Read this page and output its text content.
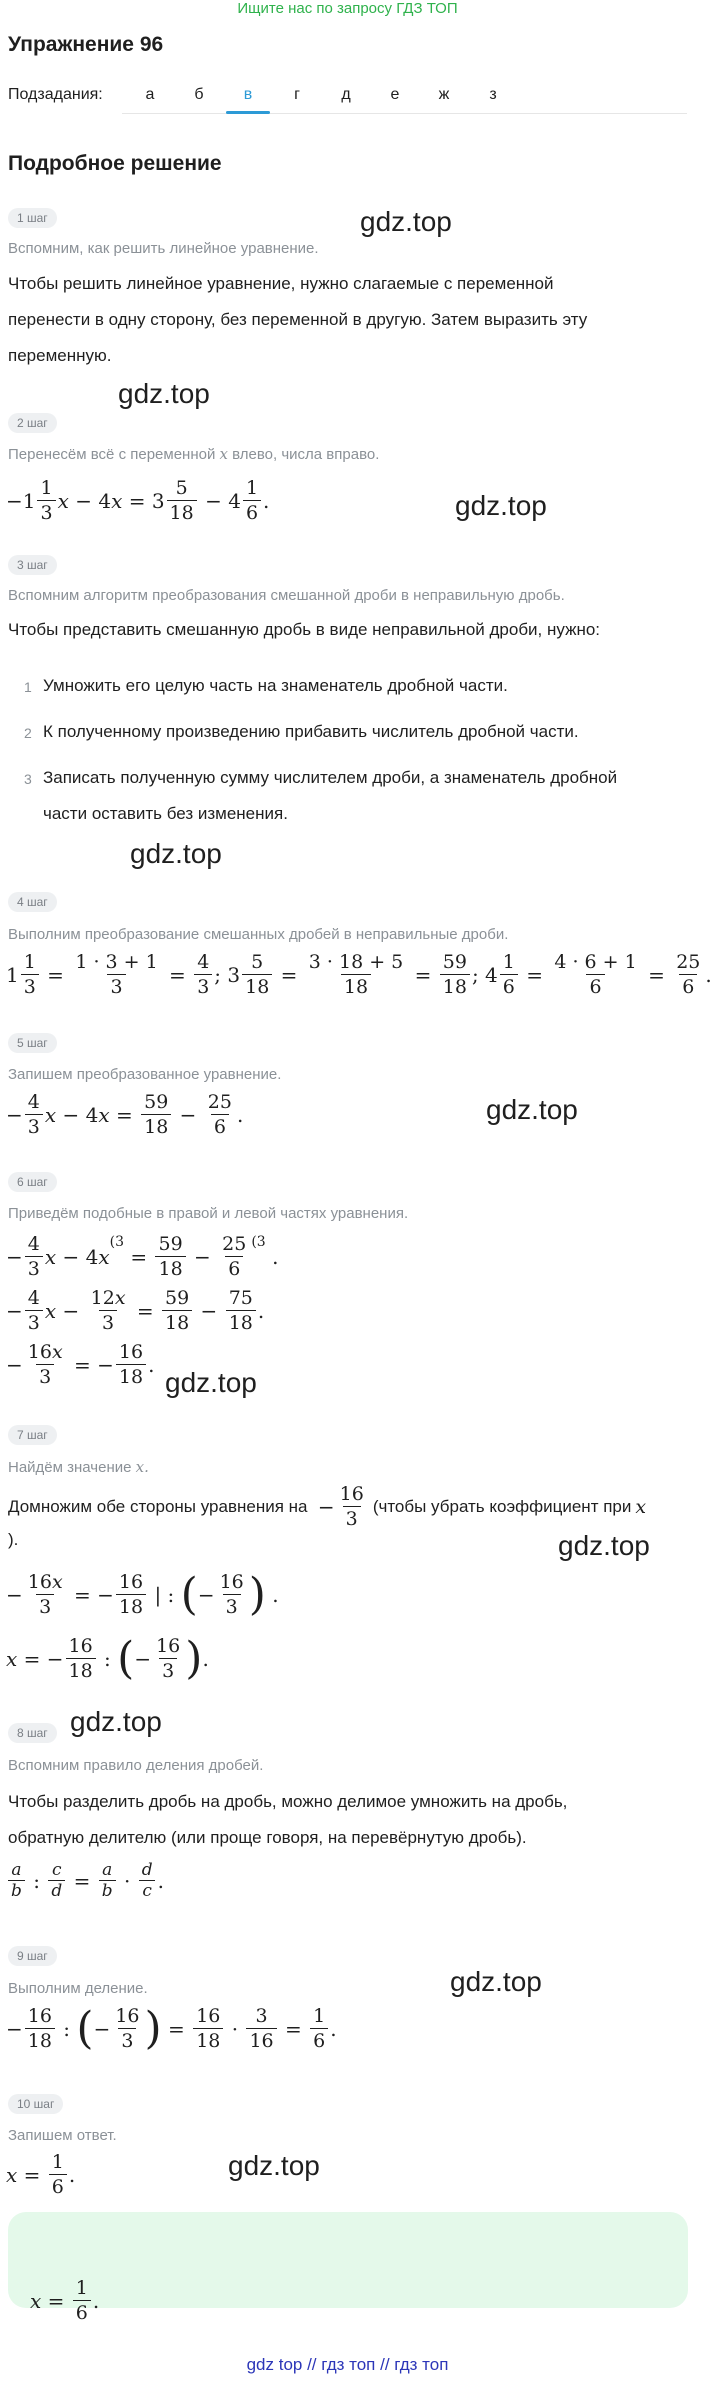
Ищите нас по запросу ГДЗ ТОП
Упражнение 96
Подзадания:	а	б	в	г	д	е	ж	з
Подробное решение
1 шаг	gdz.top
Вспомним, как решить линейное уравнение.
Чтобы решить линейное уравнение, нужно слагаемые с переменной
перенести в одну сторону, без переменной в другую. Затем выразить эту
переменную.
gdz.top
2 шаг
Перенесём всё с переменной x влево, числа вправо.
$-1 \frac{1}{3}$ x − 4 $x = 3 \frac{5}{18} - 4 \frac{1}{6}$ .	gdz.top
3 шаг
Вспомним алгоритм преобразования смешанной дроби в неправильную дробь.
Чтобы представить смешанную дробь в виде неправильной дроби, нужно:
1 Умножить его целую часть на знаменатель дробной части.
2 К полученному произведению прибавить числитель дробной части.
3 Записать полученную сумму числителем дроби, а знаменатель дробной
части оставить без изменения.
gdz.top
4 шаг
Выполним преобразование смешанных дробей в неправильные дроби.
$1 \frac{1}{3} = \frac{1 \cdot 3 + 1}{3} = \frac{4}{3}$ ; $3 \frac{5}{18} = \frac{3 \cdot 18 + 5}{18} = \frac{59}{18}$ ; $4 \frac{1}{6} = \frac{4 \cdot 6 + 1}{6} = \frac{25}{6}$ .
5 шаг
Запишем преобразованное уравнение.
− $\frac{4}{3}$ x − 4 $x = \frac{59}{18} - \frac{25}{6}$ .	gdz.top
6 шаг
Приведём подобные в правой и левой частях уравнения.
− $\frac{4}{3}$ x − 4 x
(3
= $\frac{59}{18} - \frac{25}{6} (3$
.
− $\frac{4}{3}$ $x - \frac{12x}{3} = \frac{59}{18} - \frac{75}{18}$ .
− $\frac{16x}{3}$ = − $\frac{16}{18}$ .
gdz.top
7 шаг
Найдём значение x.
Домножим обе стороны уравнения на − $\frac{16}{3}$ (чтобы убрать коэффициент при x
).	gdz.top
− $\frac{16x}{3}$ = − $\frac{16}{18}$ | : ( − $\frac{16}{3}$ ) .
x = − $\frac{16}{18}$ : ( − $\frac{16}{3}$ ) .
gdz.top
8 шаг
Вспомним правило деления дробей.
Чтобы разделить дробь на дробь, можно делимое умножить на дробь,
обратную делителю (или проще говоря, на перевёрнутую дробь).
$\frac{a}{b}$ : $\frac{c}{d} = \frac{a}{b} \cdot \frac{d}{c}$ .
9 шаг
gdz.top
Выполним деление.
− $\frac{16}{18}$ : ( − $\frac{16}{3}$ ) = $\frac{16}{18} \cdot \frac{3}{16} = \frac{1}{6}$ .
10 шаг
Запишем ответ.
gdz.top
$x = \frac{1}{6}$ .
$x = \frac{1}{6}$ .
gdz top // гдз топ // гдз топ
